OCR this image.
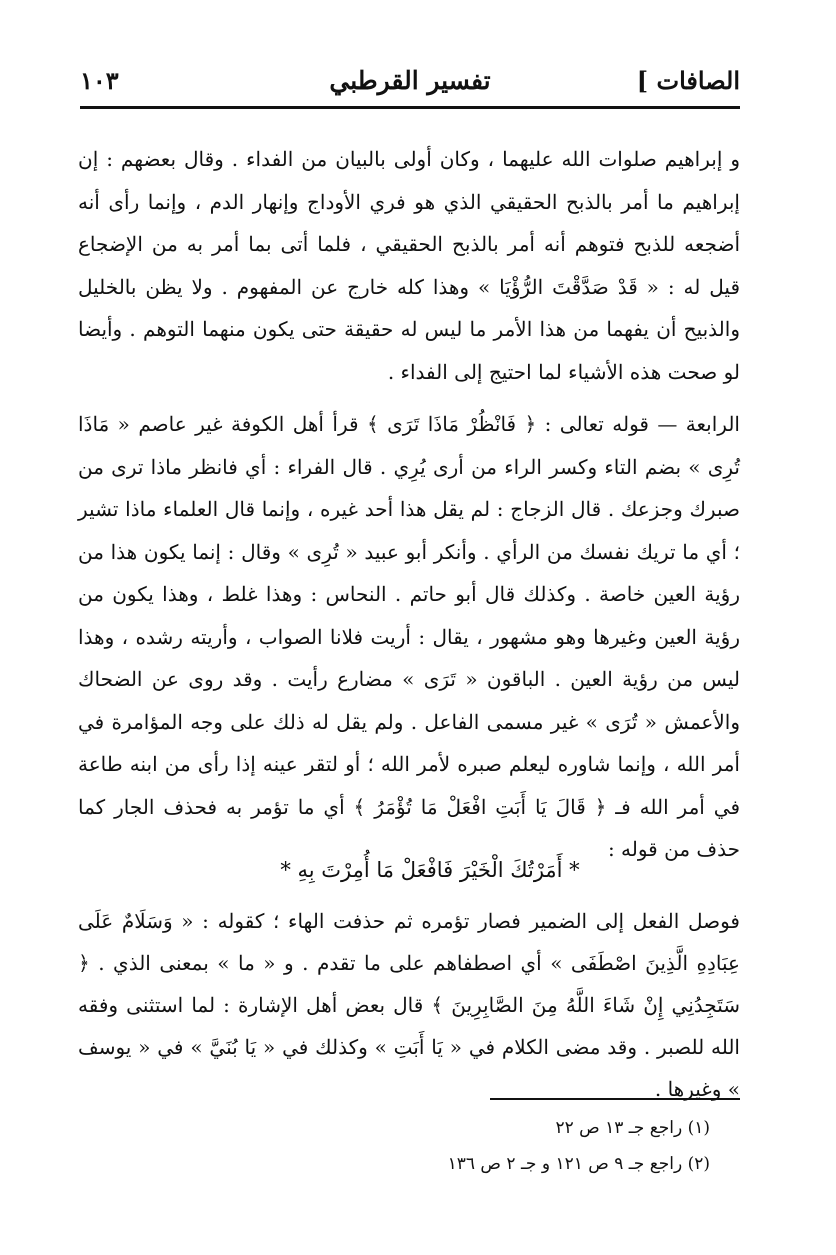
الصافات ]
تفسير القرطبي
١٠٣

و إبراهيم صلوات الله عليهما ، وكان أولى بالبيان من الفداء . وقال بعضهم : إن إبراهيم ما أمر بالذبح الحقيقي الذي هو فري الأوداج وإنهار الدم ، وإنما رأى أنه أضجعه للذبح فتوهم أنه أمر بالذبح الحقيقي ، فلما أتى بما أمر به من الإضجاع قيل له : « قَدْ صَدَّقْتَ الرُّؤْيَا » وهذا كله خارج عن المفهوم . ولا يظن بالخليل والذبيح أن يفهما من هذا الأمر ما ليس له حقيقة حتى يكون منهما التوهم . وأيضا لو صحت هذه الأشياء لما احتيج إلى الفداء .

الرابعة — قوله تعالى : ﴿ فَانْظُرْ مَاذَا تَرَى ﴾ قرأ أهل الكوفة غير عاصم « مَاذَا تُرِى » بضم التاء وكسر الراء من أرى يُرِي . قال الفراء : أي فانظر ماذا ترى من صبرك وجزعك . قال الزجاج : لم يقل هذا أحد غيره ، وإنما قال العلماء ماذا تشير ؛ أي ما تريك نفسك من الرأي . وأنكر أبو عبيد « تُرِى » وقال : إنما يكون هذا من رؤية العين خاصة . وكذلك قال أبو حاتم . النحاس : وهذا غلط ، وهذا يكون من رؤية العين وغيرها وهو مشهور ، يقال : أريت فلانا الصواب ، وأريته رشده ، وهذا ليس من رؤية العين . الباقون « تَرَى » مضارع رأيت . وقد روى عن الضحاك والأعمش « تُرَى » غير مسمى الفاعل . ولم يقل له ذلك على وجه المؤامرة في أمر الله ، وإنما شاوره ليعلم صبره لأمر الله ؛ أو لتقر عينه إذا رأى من ابنه طاعة في أمر الله فـ ﴿ قَالَ يَا أَبَتِ افْعَلْ مَا تُؤْمَرُ ﴾ أي ما تؤمر به فحذف الجار كما حذف من قوله :

* أَمَرْتُكَ الْخَيْرَ فَافْعَلْ مَا أُمِرْتَ بِهِ *

فوصل الفعل إلى الضمير فصار تؤمره ثم حذفت الهاء ؛ كقوله : « وَسَلَامٌ عَلَى عِبَادِهِ الَّذِينَ اصْطَفَى » أي اصطفاهم على ما تقدم . و « ما » بمعنى الذي . ﴿ سَتَجِدُنِي إِنْ شَاءَ اللَّهُ مِنَ الصَّابِرِينَ ﴾ قال بعض أهل الإشارة : لما استثنى وفقه الله للصبر . وقد مضى الكلام في « يَا أَبَتِ » وكذلك في « يَا بُنَيَّ » في « يوسف » وغيرها .

(١) راجع جـ ١٣ ص ٢٢

(٢) راجع جـ ٩ ص ١٢١ و جـ ٢ ص ١٣٦
